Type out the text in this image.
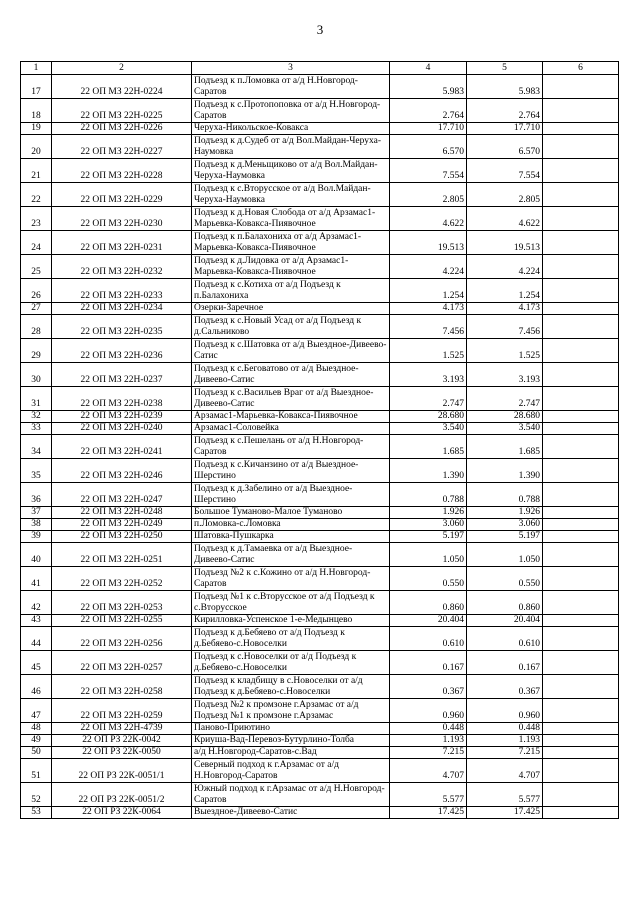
3
1	2	3	4	5	6
17	22 ОП МЗ 22Н-0224	Подъезд к п.Ломовка от а/д Н.Новгород-Саратов	5.983	5.983	
18	22 ОП МЗ 22Н-0225	Подъезд к с.Протопоповка от а/д Н.Новгород-Саратов	2.764	2.764	
19	22 ОП МЗ 22Н-0226	Черуха-Никольское-Ковакса	17.710	17.710	
20	22 ОП МЗ 22Н-0227	Подъезд к д.Судеб от а/д Вол.Майдан-Черуха-Наумовка	6.570	6.570	
21	22 ОП МЗ 22Н-0228	Подъезд к д.Меньщиково от а/д Вол.Майдан-Черуха-Наумовка	7.554	7.554	
22	22 ОП МЗ 22Н-0229	Подъезд к с.Вторусское от а/д Вол.Майдан-Черуха-Наумовка	2.805	2.805	
23	22 ОП МЗ 22Н-0230	Подъезд к д.Новая Слобода от а/д Арзамас1-Марьевка-Ковакса-Пиявочное	4.622	4.622	
24	22 ОП МЗ 22Н-0231	Подъезд к п.Балахониха от а/д Арзамас1-Марьевка-Ковакса-Пиявочное	19.513	19.513	
25	22 ОП МЗ 22Н-0232	Подъезд к д.Лидовка от а/д Арзамас1-Марьевка-Ковакса-Пиявочное	4.224	4.224	
26	22 ОП МЗ 22Н-0233	Подъезд к с.Котиха от а/д Подъезд к п.Балахониха	1.254	1.254	
27	22 ОП МЗ 22Н-0234	Озерки-Заречное	4.173	4.173	
28	22 ОП МЗ 22Н-0235	Подъезд к с.Новый Усад от а/д Подъезд к д.Сальниково	7.456	7.456	
29	22 ОП МЗ 22Н-0236	Подъезд к с.Шатовка от а/д Выездное-Дивеево-Сатис	1.525	1.525	
30	22 ОП МЗ 22Н-0237	Подъезд к с.Беговатово от а/д Выездное-Дивеево-Сатис	3.193	3.193	
31	22 ОП МЗ 22Н-0238	Подъезд к с.Васильев Враг от а/д Выездное-Дивеево-Сатис	2.747	2.747	
32	22 ОП МЗ 22Н-0239	Арзамас1-Марьевка-Ковакса-Пиявочное	28.680	28.680	
33	22 ОП МЗ 22Н-0240	Арзамас1-Соловейка	3.540	3.540	
34	22 ОП МЗ 22Н-0241	Подъезд к с.Пешелань от а/д Н.Новгород-Саратов	1.685	1.685	
35	22 ОП МЗ 22Н-0246	Подъезд к с.Кичанзино от а/д Выездное-Шерстино	1.390	1.390	
36	22 ОП МЗ 22Н-0247	Подъезд к д.Забелино от а/д Выездное-Шерстино	0.788	0.788	
37	22 ОП МЗ 22Н-0248	Большое Туманово-Малое Туманово	1.926	1.926	
38	22 ОП МЗ 22Н-0249	п.Ломовка-с.Ломовка	3.060	3.060	
39	22 ОП МЗ 22Н-0250	Шатовка-Пушкарка	5.197	5.197	
40	22 ОП МЗ 22Н-0251	Подъезд к д.Тамаевка от а/д Выездное-Дивеево-Сатис	1.050	1.050	
41	22 ОП МЗ 22Н-0252	Подъезд №2 к с.Кожино от а/д Н.Новгород-Саратов	0.550	0.550	
42	22 ОП МЗ 22Н-0253	Подъезд №1 к с.Вторусское от а/д Подъезд к с.Вторусское	0.860	0.860	
43	22 ОП МЗ 22Н-0255	Кирилловка-Успенское 1-е-Медынцево	20.404	20.404	
44	22 ОП МЗ 22Н-0256	Подъезд к д.Бебяево от а/д Подъезд к д.Бебяево-с.Новоселки	0.610	0.610	
45	22 ОП МЗ 22Н-0257	Подъезд к с.Новоселки от а/д Подъезд к д.Бебяево-с.Новоселки	0.167	0.167	
46	22 ОП МЗ 22Н-0258	Подъезд к кладбищу в с.Новоселки от а/д Подъезд к д.Бебяево-с.Новоселки	0.367	0.367	
47	22 ОП МЗ 22Н-0259	Подъезд №2 к промзоне г.Арзамас от а/д Подъезд №1 к промзоне г.Арзамас	0.960	0.960	
48	22 ОП МЗ 22Н-4739	Паново-Приютино	0.448	0.448	
49	22 ОП РЗ 22К-0042	Криуша-Вад-Перевоз-Бутурлино-Толба	1.193	1.193	
50	22 ОП РЗ 22К-0050	а/д Н.Новгород-Саратов-с.Вад	7.215	7.215	
51	22 ОП РЗ 22К-0051/1	Северный подход к г.Арзамас от а/д Н.Новгород-Саратов	4.707	4.707	
52	22 ОП РЗ 22К-0051/2	Южный подход к г.Арзамас от а/д Н.Новгород-Саратов	5.577	5.577	
53	22 ОП РЗ 22К-0064	Выездное-Дивеево-Сатис	17.425	17.425	
